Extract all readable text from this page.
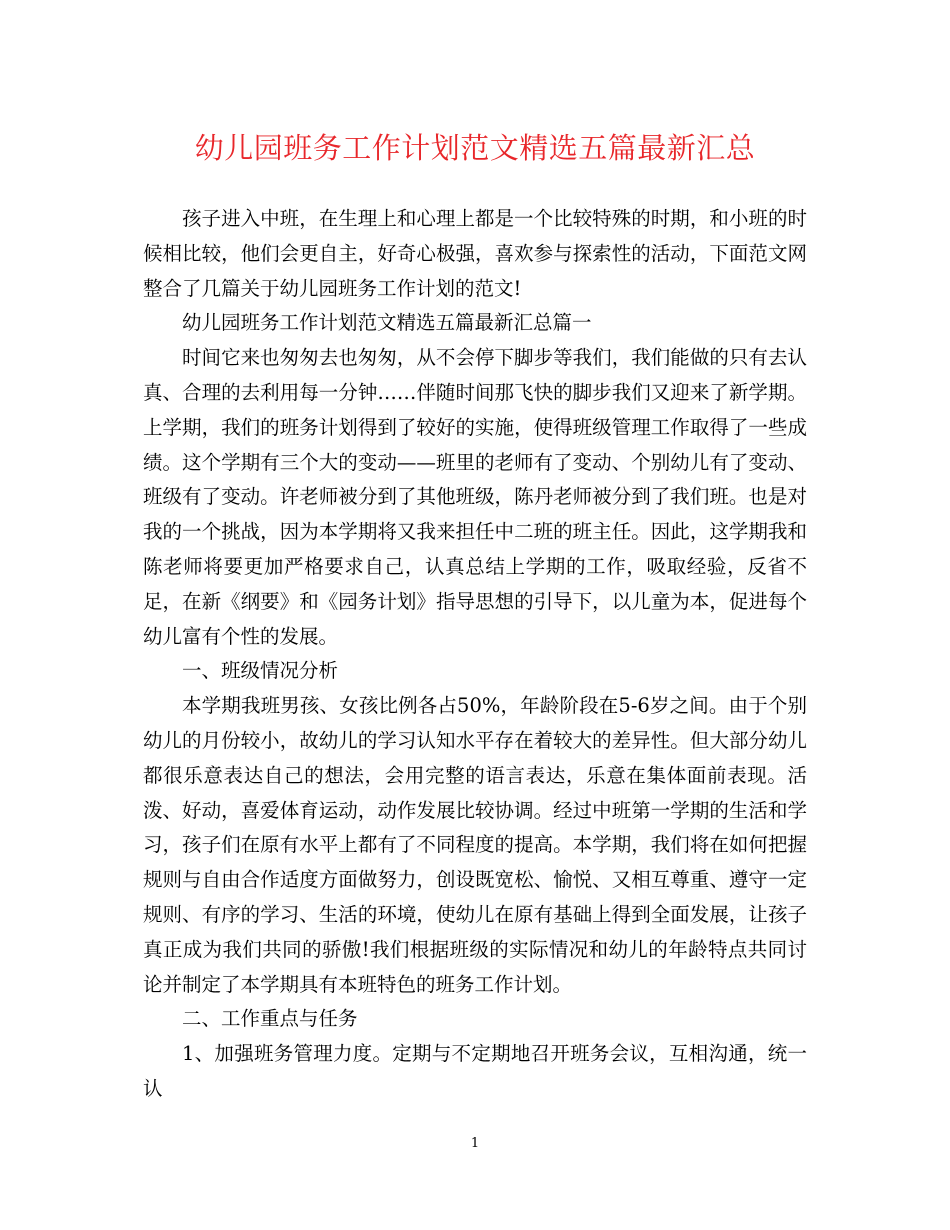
幼儿园班务工作计划范文精选五篇最新汇总

孩子进入中班，在生理上和心理上都是一个比较特殊的时期，和小班的时候相比较，他们会更自主，好奇心极强，喜欢参与探索性的活动，下面范文网整合了几篇关于幼儿园班务工作计划的范文!

幼儿园班务工作计划范文精选五篇最新汇总篇一

时间它来也匆匆去也匆匆，从不会停下脚步等我们，我们能做的只有去认真、合理的去利用每一分钟……伴随时间那飞快的脚步我们又迎来了新学期。上学期，我们的班务计划得到了较好的实施，使得班级管理工作取得了一些成绩。这个学期有三个大的变动——班里的老师有了变动、个别幼儿有了变动、班级有了变动。许老师被分到了其他班级，陈丹老师被分到了我们班。也是对我的一个挑战，因为本学期将又我来担任中二班的班主任。因此，这学期我和陈老师将要更加严格要求自己，认真总结上学期的工作，吸取经验，反省不足，在新《纲要》和《园务计划》指导思想的引导下，以儿童为本，促进每个幼儿富有个性的发展。

一、班级情况分析

本学期我班男孩、女孩比例各占50%，年龄阶段在5-6岁之间。由于个别幼儿的月份较小，故幼儿的学习认知水平存在着较大的差异性。但大部分幼儿都很乐意表达自己的想法，会用完整的语言表达，乐意在集体面前表现。活泼、好动，喜爱体育运动，动作发展比较协调。经过中班第一学期的生活和学习，孩子们在原有水平上都有了不同程度的提高。本学期，我们将在如何把握规则与自由合作适度方面做努力，创设既宽松、愉悦、又相互尊重、遵守一定规则、有序的学习、生活的环境，使幼儿在原有基础上得到全面发展，让孩子真正成为我们共同的骄傲!我们根据班级的实际情况和幼儿的年龄特点共同讨论并制定了本学期具有本班特色的班务工作计划。

二、工作重点与任务

1、加强班务管理力度。定期与不定期地召开班务会议，互相沟通，统一认

1
